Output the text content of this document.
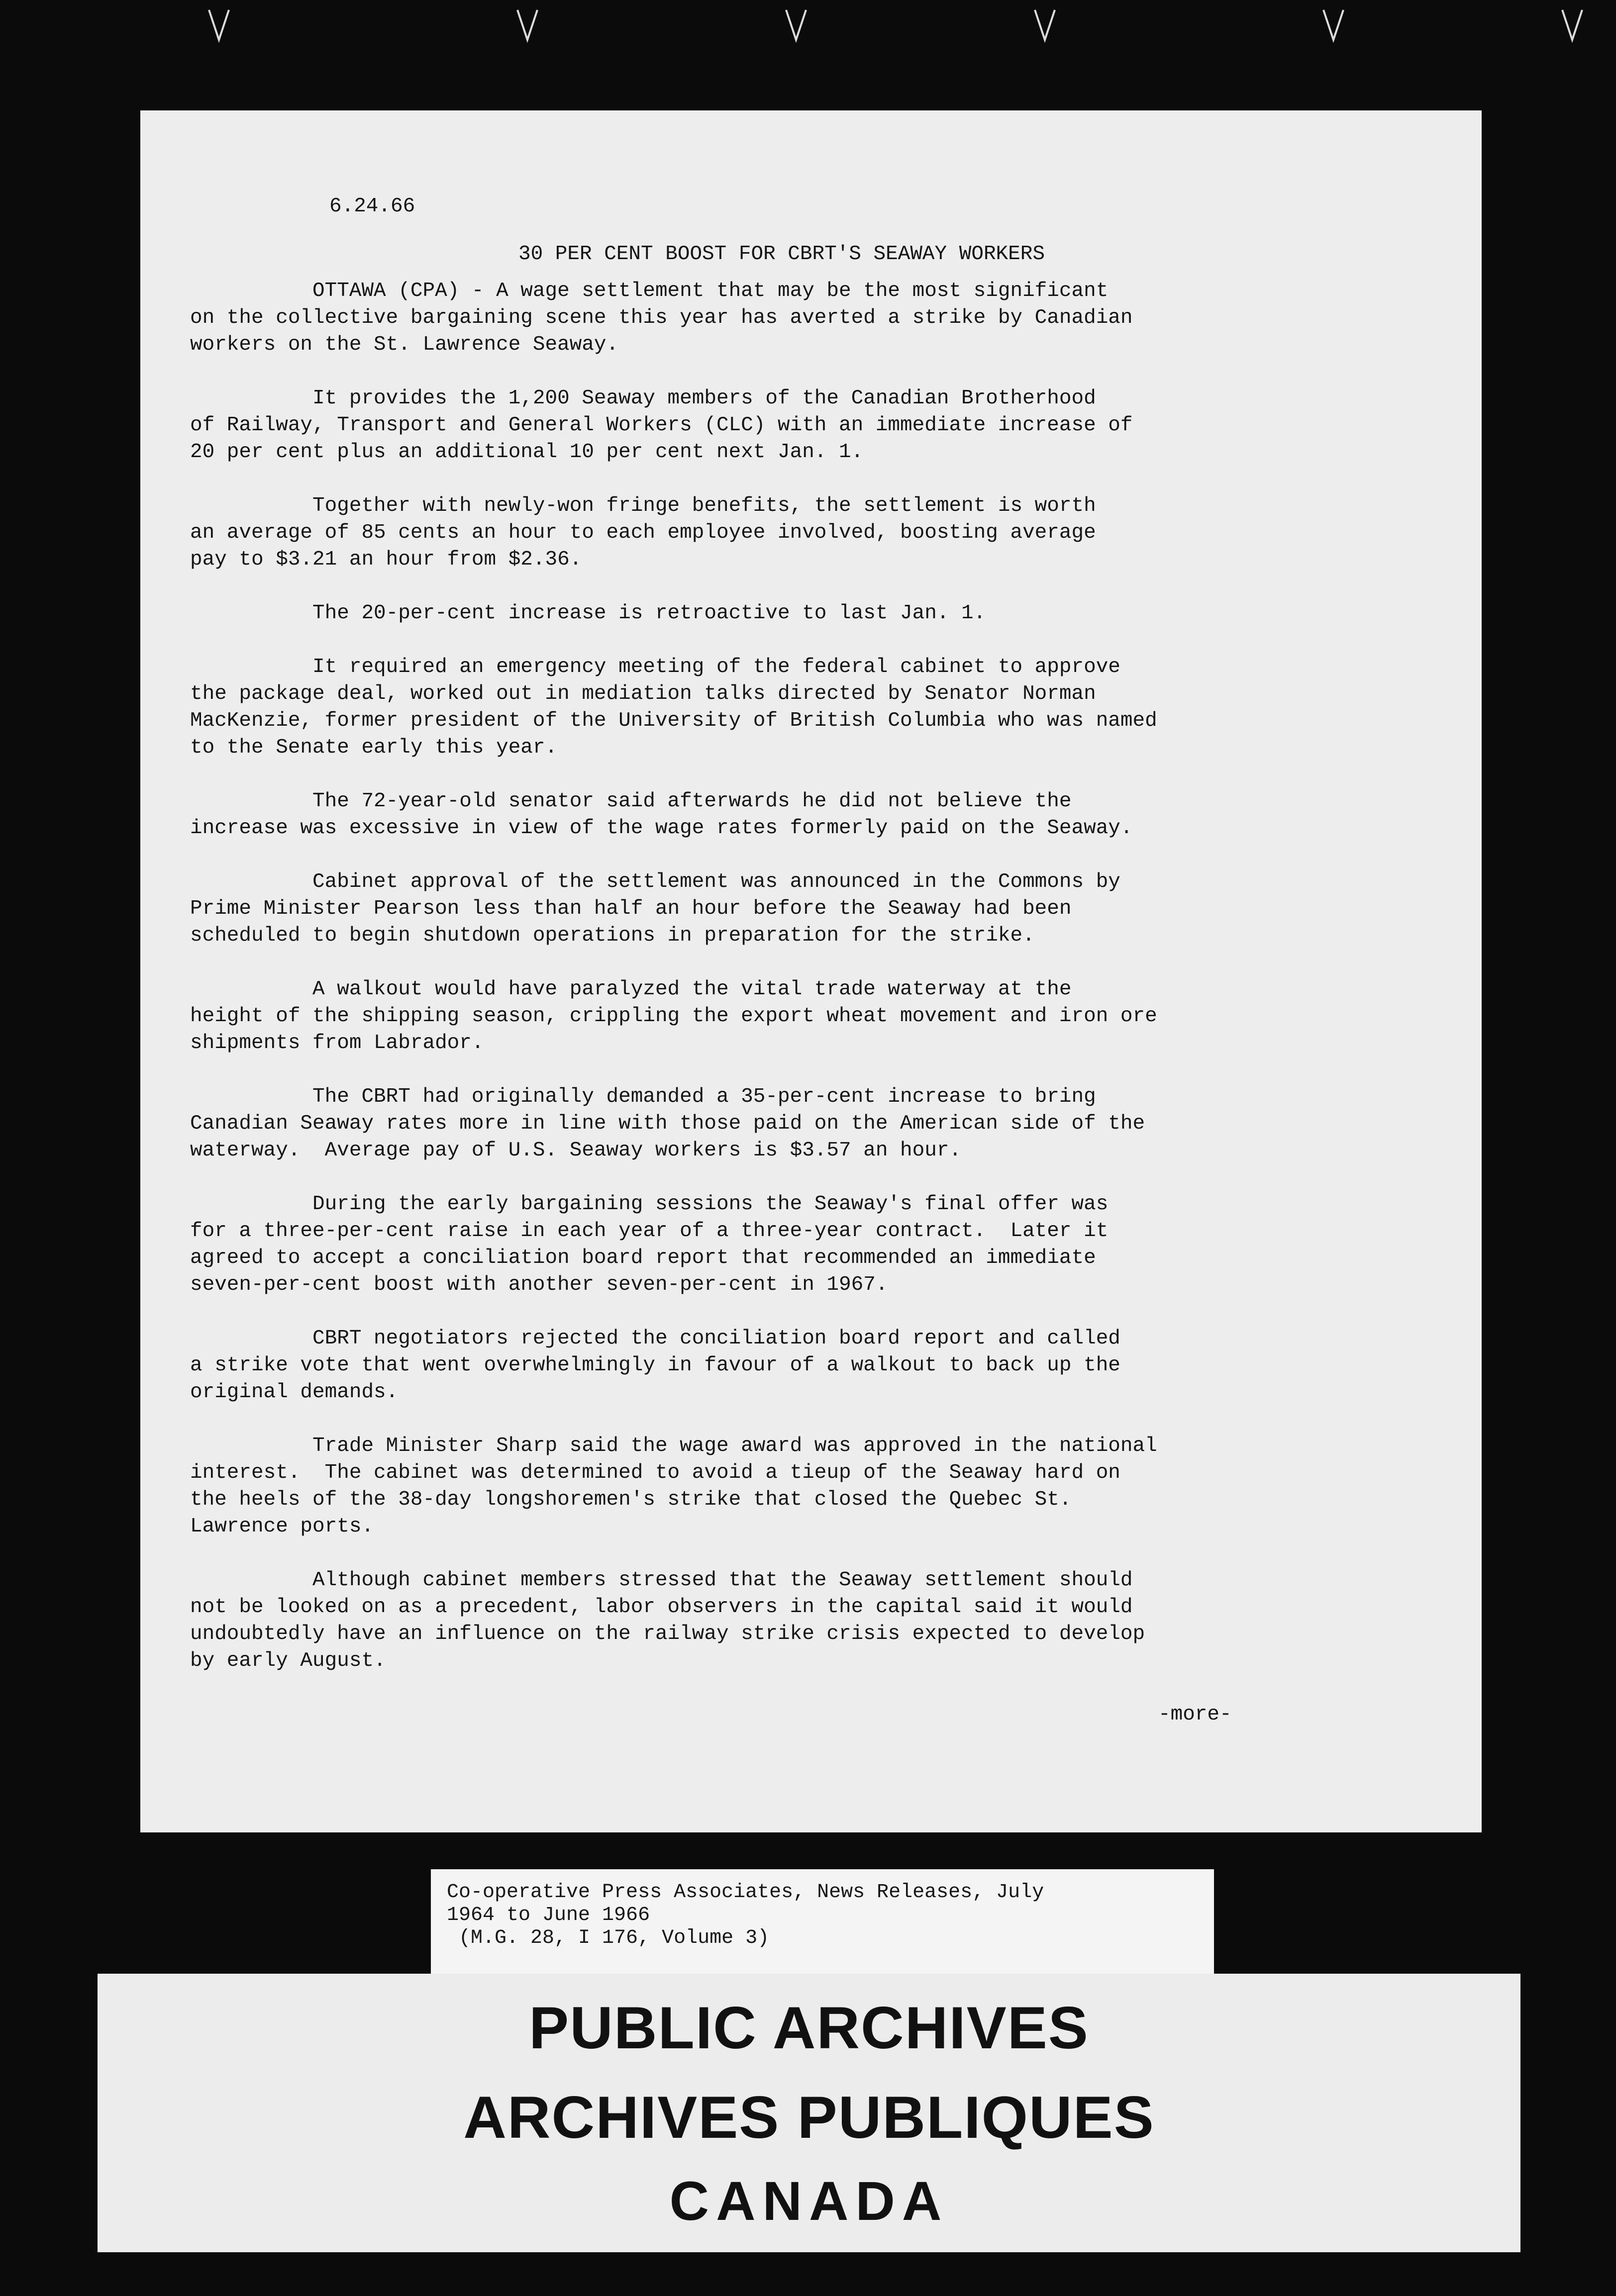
6.24.66
30 PER CENT BOOST FOR CBRT'S SEAWAY WORKERS
OTTAWA (CPA) - A wage settlement that may be the most significant
on the collective bargaining scene this year has averted a strike by Canadian
workers on the St. Lawrence Seaway.
It provides the 1,200 Seaway members of the Canadian Brotherhood
of Railway, Transport and General Workers (CLC) with an immediate increase of
20 per cent plus an additional 10 per cent next Jan. 1.
Together with newly-won fringe benefits, the settlement is worth
an average of 85 cents an hour to each employee involved, boosting average
pay to $3.21 an hour from $2.36.
The 20-per-cent increase is retroactive to last Jan. 1.
It required an emergency meeting of the federal cabinet to approve
the package deal, worked out in mediation talks directed by Senator Norman
MacKenzie, former president of the University of British Columbia who was named
to the Senate early this year.
The 72-year-old senator said afterwards he did not believe the
increase was excessive in view of the wage rates formerly paid on the Seaway.
Cabinet approval of the settlement was announced in the Commons by
Prime Minister Pearson less than half an hour before the Seaway had been
scheduled to begin shutdown operations in preparation for the strike.
A walkout would have paralyzed the vital trade waterway at the
height of the shipping season, crippling the export wheat movement and iron ore
shipments from Labrador.
The CBRT had originally demanded a 35-per-cent increase to bring
Canadian Seaway rates more in line with those paid on the American side of the
waterway.  Average pay of U.S. Seaway workers is $3.57 an hour.
During the early bargaining sessions the Seaway's final offer was
for a three-per-cent raise in each year of a three-year contract.  Later it
agreed to accept a conciliation board report that recommended an immediate
seven-per-cent boost with another seven-per-cent in 1967.
CBRT negotiators rejected the conciliation board report and called
a strike vote that went overwhelmingly in favour of a walkout to back up the
original demands.
Trade Minister Sharp said the wage award was approved in the national
interest.  The cabinet was determined to avoid a tieup of the Seaway hard on
the heels of the 38-day longshoremen's strike that closed the Quebec St.
Lawrence ports.
Although cabinet members stressed that the Seaway settlement should
not be looked on as a precedent, labor observers in the capital said it would
undoubtedly have an influence on the railway strike crisis expected to develop
by early August.
-more-
Co-operative Press Associates, News Releases, July
1964 to June 1966
(M.G. 28, I 176, Volume 3)
PUBLIC ARCHIVES
ARCHIVES PUBLIQUES
CANADA
